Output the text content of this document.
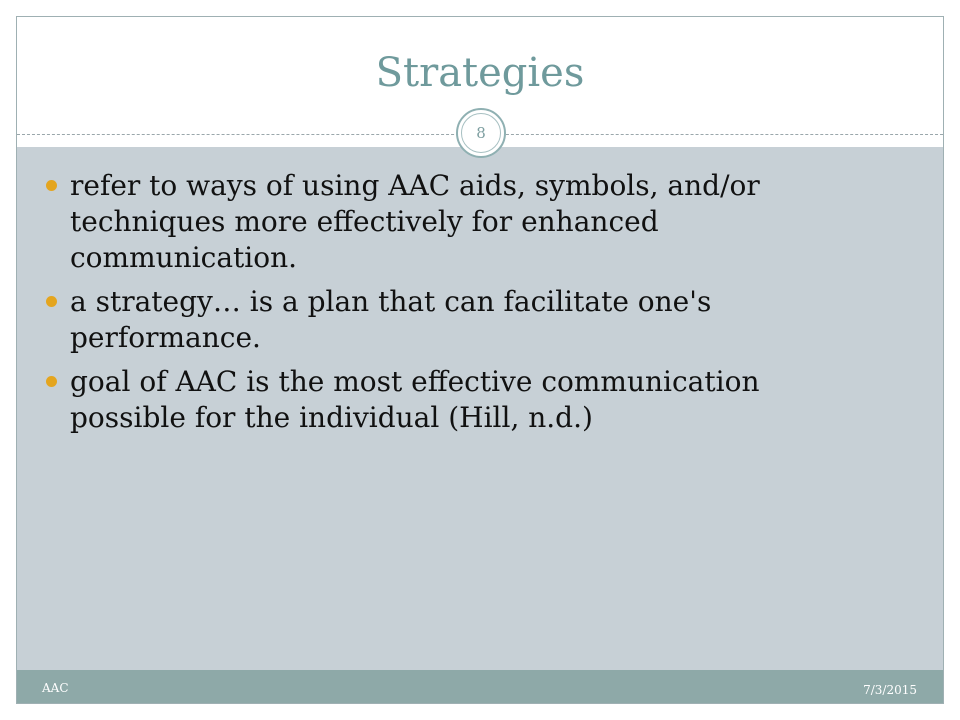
Strategies
8
refer to ways of using AAC aids, symbols, and/or techniques more effectively for enhanced communication.
a strategy… is a plan that can facilitate one's performance.
goal of AAC is the most effective communication possible for the individual (Hill, n.d.)
AAC	7/3/2015
